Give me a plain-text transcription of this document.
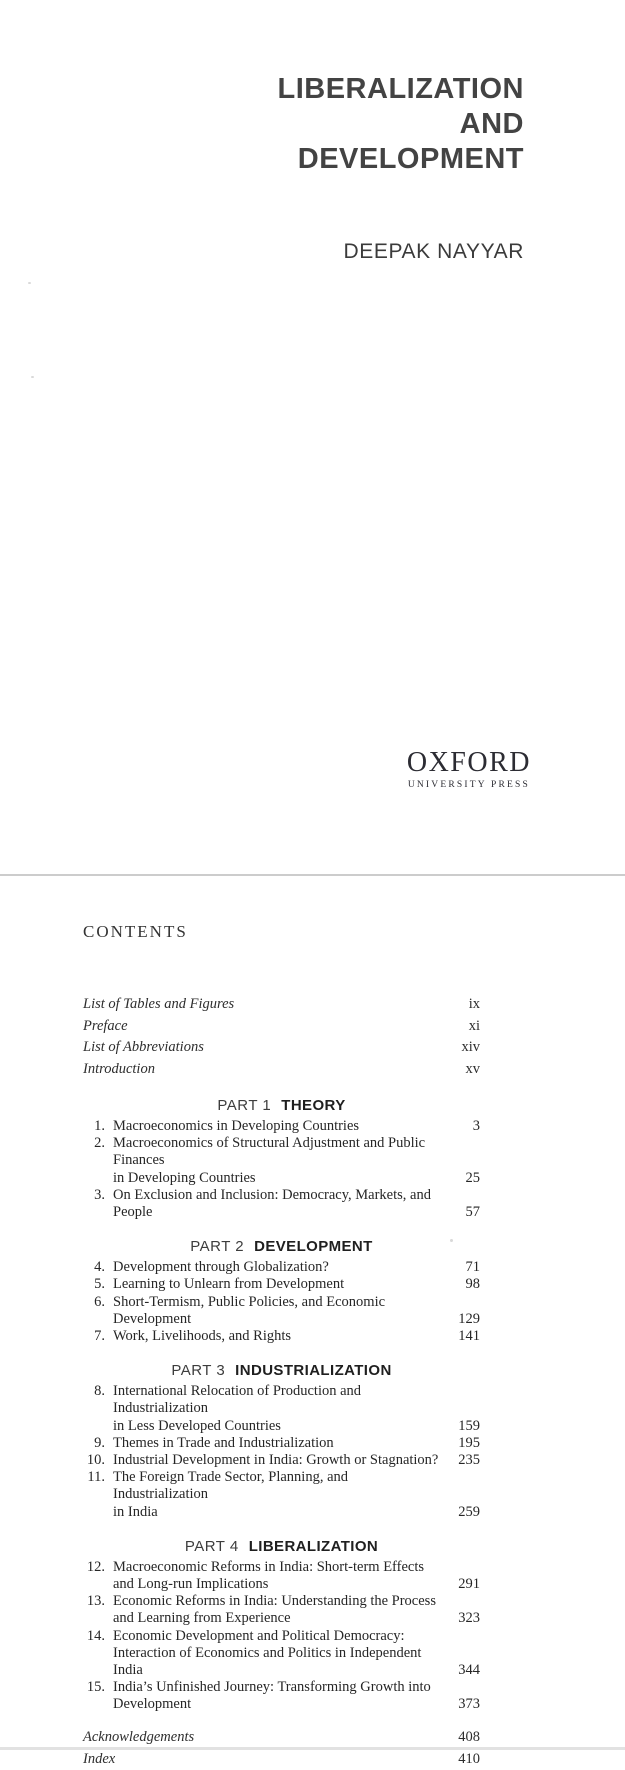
LIBERALIZATION
AND
DEVELOPMENT
DEEPAK NAYYAR
OXFORD
UNIVERSITY PRESS
CONTENTS
List of Tables and Figures	ix
Preface	xi
List of Abbreviations	xiv
Introduction	xv
PART 1 THEORY
1. Macroeconomics in Developing Countries	3
2. Macroeconomics of Structural Adjustment and Public Finances
in Developing Countries	25
3. On Exclusion and Inclusion: Democracy, Markets, and People	57
PART 2 DEVELOPMENT
4. Development through Globalization?	71
5. Learning to Unlearn from Development	98
6. Short-Termism, Public Policies, and Economic Development	129
7. Work, Livelihoods, and Rights	141
PART 3 INDUSTRIALIZATION
8. International Relocation of Production and Industrialization
in Less Developed Countries	159
9. Themes in Trade and Industrialization	195
10. Industrial Development in India: Growth or Stagnation?	235
11. The Foreign Trade Sector, Planning, and Industrialization
in India	259
PART 4 LIBERALIZATION
12. Macroeconomic Reforms in India: Short-term Effects
and Long-run Implications	291
13. Economic Reforms in India: Understanding the Process
and Learning from Experience	323
14. Economic Development and Political Democracy:
Interaction of Economics and Politics in Independent India	344
15. India’s Unfinished Journey: Transforming Growth into
Development	373
Acknowledgements	408
Index	410
